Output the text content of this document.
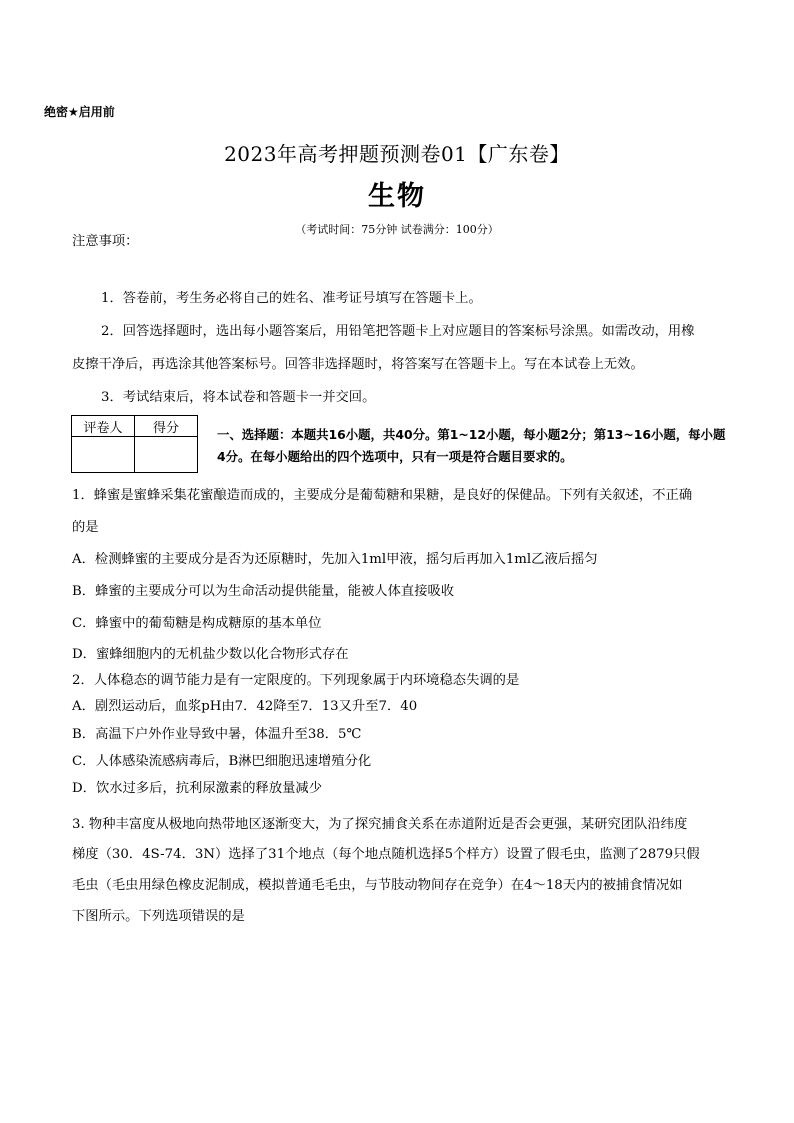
绝密★启用前
2023年高考押题预测卷01【广东卷】
生物
（考试时间：75分钟 试卷满分：100分）
注意事项：
1．答卷前，考生务必将自己的姓名、准考证号填写在答题卡上。
2．回答选择题时，选出每小题答案后，用铅笔把答题卡上对应题目的答案标号涂黑。如需改动，用橡
皮擦干净后，再选涂其他答案标号。回答非选择题时，将答案写在答题卡上。写在本试卷上无效。
3．考试结束后，将本试卷和答题卡一并交回。
评卷人	得分
		一、选择题：本题共16小题，共40分。第1~12小题，每小题2分；第13~16小题，每小题4分。在每小题给出的四个选项中，只有一项是符合题目要求的。
1．蜂蜜是蜜蜂采集花蜜酿造而成的，主要成分是葡萄糖和果糖，是良好的保健品。下列有关叙述，不正确
的是
A．检测蜂蜜的主要成分是否为还原糖时，先加入1ml甲液，摇匀后再加入1ml乙液后摇匀
B．蜂蜜的主要成分可以为生命活动提供能量，能被人体直接吸收
C．蜂蜜中的葡萄糖是构成糖原的基本单位
D．蜜蜂细胞内的无机盐少数以化合物形式存在
2．人体稳态的调节能力是有一定限度的。下列现象属于内环境稳态失调的是
A．剧烈运动后，血浆pH由7．42降至7．13又升至7．40
B．高温下户外作业导致中暑，体温升至38．5℃
C．人体感染流感病毒后，B淋巴细胞迅速增殖分化
D．饮水过多后，抗利尿激素的释放量减少
3. 物种丰富度从极地向热带地区逐渐变大，为了探究捕食关系在赤道附近是否会更强，某研究团队沿纬度
梯度（30．4S-74．3N）选择了31个地点（每个地点随机选择5个样方）设置了假毛虫，监测了2879只假
毛虫（毛虫用绿色橡皮泥制成，模拟普通毛毛虫，与节肢动物间存在竞争）在4～18天内的被捕食情况如
下图所示。下列选项错误的是
